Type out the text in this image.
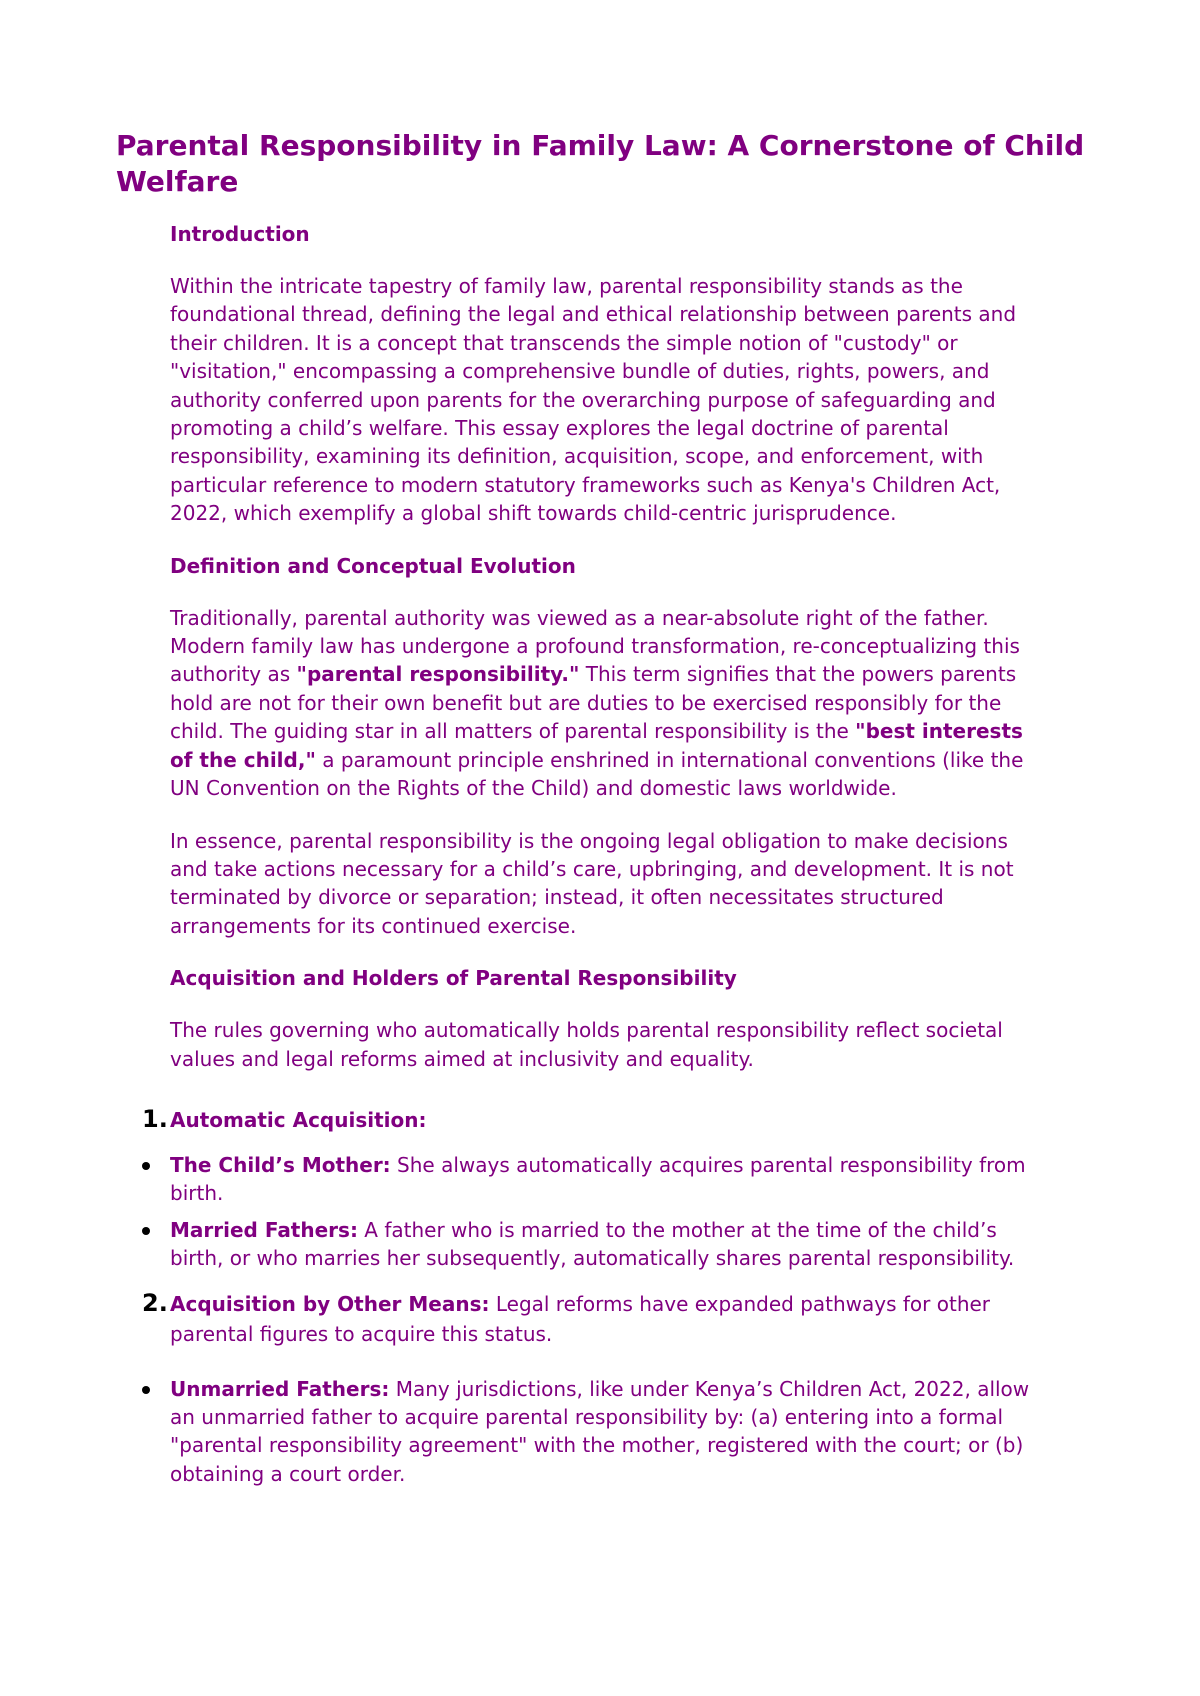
Parental Responsibility in Family Law: A Cornerstone of Child Welfare
Introduction

Within the intricate tapestry of family law, parental responsibility stands as the foundational thread, defining the legal and ethical relationship between parents and their children. It is a concept that transcends the simple notion of "custody" or "visitation," encompassing a comprehensive bundle of duties, rights, powers, and authority conferred upon parents for the overarching purpose of safeguarding and promoting a child’s welfare. This essay explores the legal doctrine of parental responsibility, examining its definition, acquisition, scope, and enforcement, with particular reference to modern statutory frameworks such as Kenya's Children Act, 2022, which exemplify a global shift towards child-centric jurisprudence.

Definition and Conceptual Evolution

Traditionally, parental authority was viewed as a near-absolute right of the father. Modern family law has undergone a profound transformation, re-conceptualizing this authority as "parental responsibility." This term signifies that the powers parents hold are not for their own benefit but are duties to be exercised responsibly for the child. The guiding star in all matters of parental responsibility is the "best interests of the child," a paramount principle enshrined in international conventions (like the UN Convention on the Rights of the Child) and domestic laws worldwide.

In essence, parental responsibility is the ongoing legal obligation to make decisions and take actions necessary for a child’s care, upbringing, and development. It is not terminated by divorce or separation; instead, it often necessitates structured arrangements for its continued exercise.

Acquisition and Holders of Parental Responsibility

The rules governing who automatically holds parental responsibility reflect societal values and legal reforms aimed at inclusivity and equality.

1. Automatic Acquisition:
The Child’s Mother: She always automatically acquires parental responsibility from birth.
Married Fathers: A father who is married to the mother at the time of the child’s birth, or who marries her subsequently, automatically shares parental responsibility.
2. Acquisition by Other Means: Legal reforms have expanded pathways for other parental figures to acquire this status.
Unmarried Fathers: Many jurisdictions, like under Kenya’s Children Act, 2022, allow an unmarried father to acquire parental responsibility by: (a) entering into a formal "parental responsibility agreement" with the mother, registered with the court; or (b) obtaining a court order.
